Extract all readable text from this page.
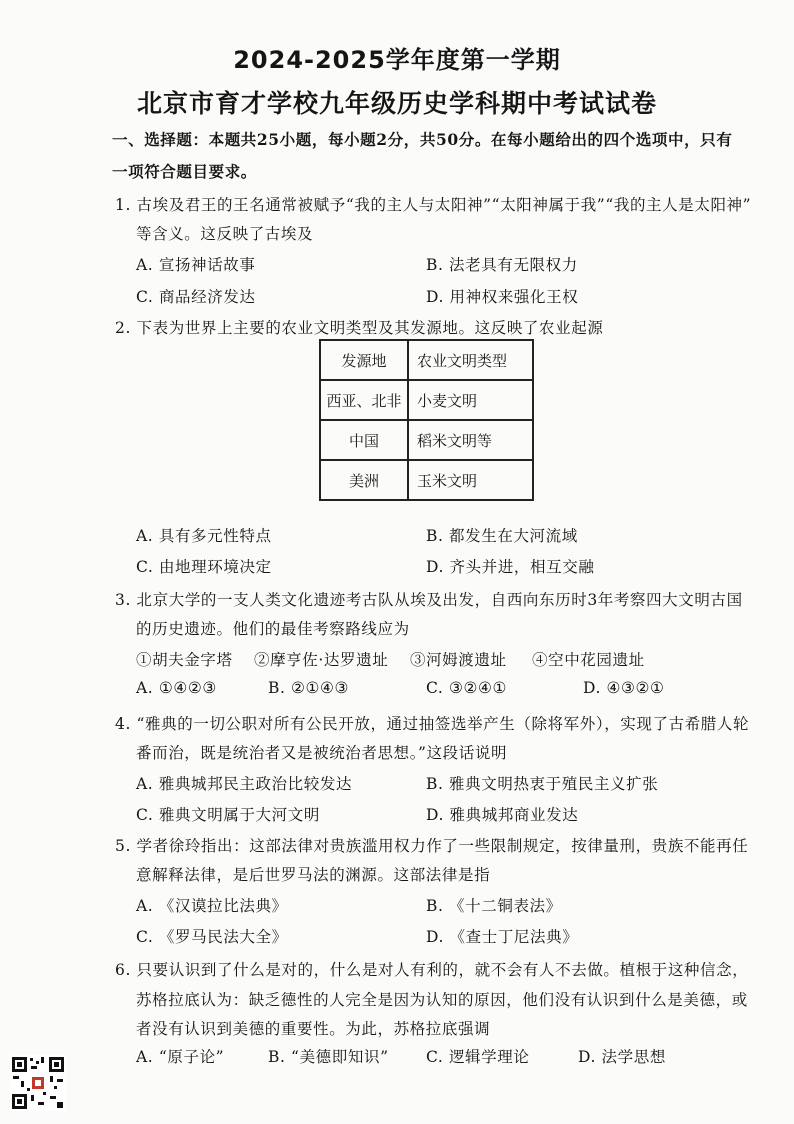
2024-2025学年度第一学期
北京市育才学校九年级历史学科期中考试试卷
一、选择题：本题共25小题，每小题2分，共50分。在每小题给出的四个选项中，只有
一项符合题目要求。
1. 古埃及君王的王名通常被赋予“我的主人与太阳神”“太阳神属于我”“我的主人是太阳神”
等含义。这反映了古埃及
A. 宣扬神话故事	B. 法老具有无限权力
C. 商品经济发达	D. 用神权来强化王权
2. 下表为世界上主要的农业文明类型及其发源地。这反映了农业起源
发源地	农业文明类型
西亚、北非	小麦文明
中国	稻米文明等
美洲	玉米文明
A. 具有多元性特点	B. 都发生在大河流域
C. 由地理环境决定	D. 齐头并进，相互交融
3. 北京大学的一支人类文化遗迹考古队从埃及出发，自西向东历时3年考察四大文明古国
的历史遗迹。他们的最佳考察路线应为
①胡夫金字塔 ②摩亨佐·达罗遗址 ③河姆渡遗址 ④空中花园遗址
A. ①④②③	B. ②①④③	C. ③②④①	D. ④③②①
4. “雅典的一切公职对所有公民开放，通过抽签选举产生（除将军外），实现了古希腊人轮
番而治，既是统治者又是被统治者思想。”这段话说明
A. 雅典城邦民主政治比较发达	B. 雅典文明热衷于殖民主义扩张
C. 雅典文明属于大河文明	D. 雅典城邦商业发达
5. 学者徐玲指出：这部法律对贵族滥用权力作了一些限制规定，按律量刑，贵族不能再任
意解释法律，是后世罗马法的渊源。这部法律是指
A. 《汉谟拉比法典》	B. 《十二铜表法》
C. 《罗马民法大全》	D. 《查士丁尼法典》
6. 只要认识到了什么是对的，什么是对人有利的，就不会有人不去做。植根于这种信念，
苏格拉底认为：缺乏德性的人完全是因为认知的原因，他们没有认识到什么是美德，或
者没有认识到美德的重要性。为此，苏格拉底强调
A. “原子论”	B. “美德即知识” C. 逻辑学理论	D. 法学思想
